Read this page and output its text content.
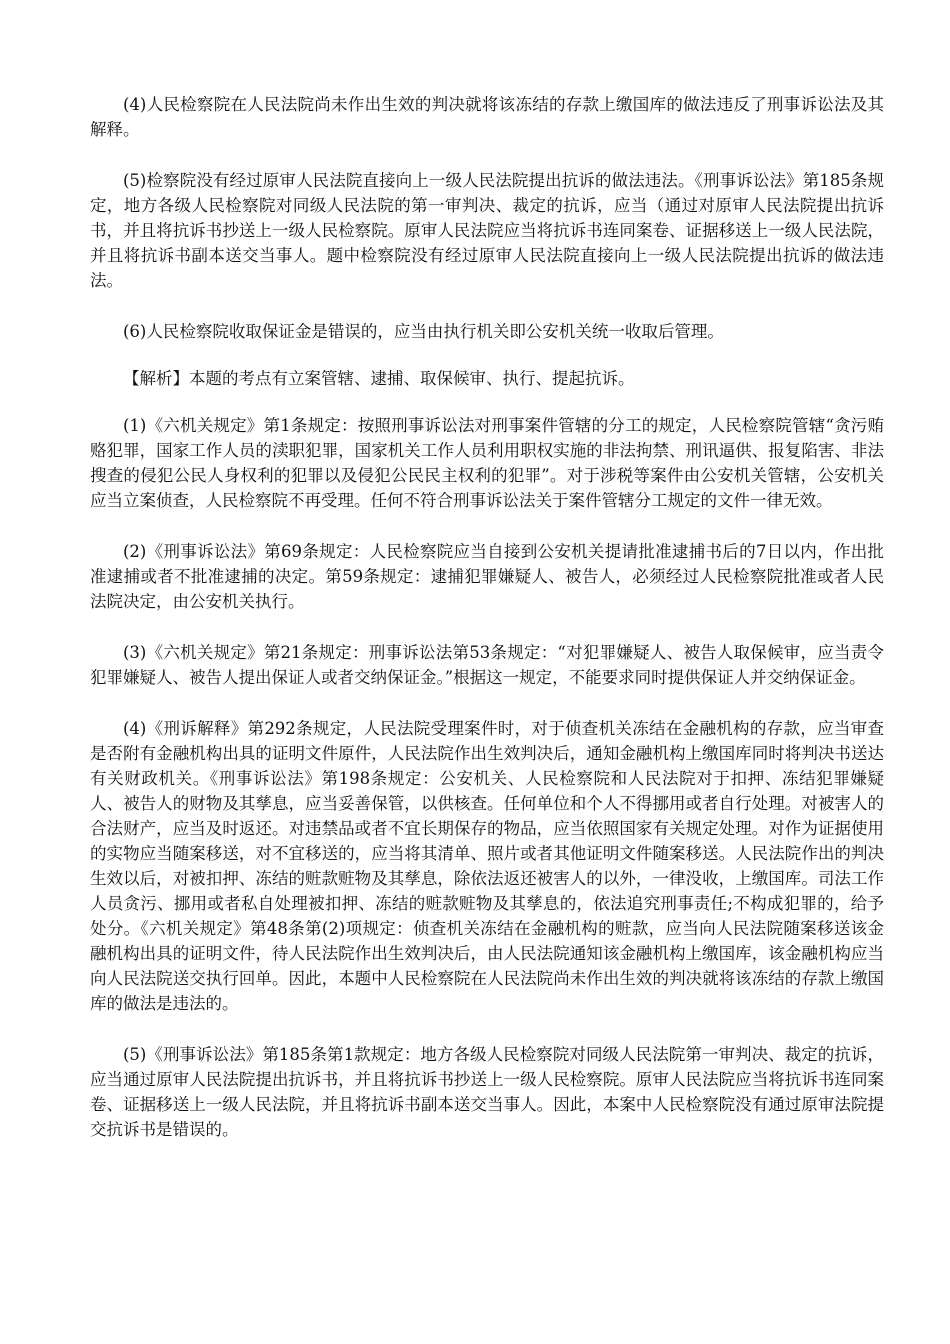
(4)人民检察院在人民法院尚未作出生效的判决就将该冻结的存款上缴国库的做法违反了刑事诉讼法及其解释。

(5)检察院没有经过原审人民法院直接向上一级人民法院提出抗诉的做法违法。《刑事诉讼法》第185条规定，地方各级人民检察院对同级人民法院的第一审判决、裁定的抗诉，应当（通过对原审人民法院提出抗诉书，并且将抗诉书抄送上一级人民检察院。原审人民法院应当将抗诉书连同案卷、证据移送上一级人民法院，并且将抗诉书副本送交当事人。题中检察院没有经过原审人民法院直接向上一级人民法院提出抗诉的做法违法。

(6)人民检察院收取保证金是错误的，应当由执行机关即公安机关统一收取后管理。

【解析】本题的考点有立案管辖、逮捕、取保候审、执行、提起抗诉。

(1)《六机关规定》第1条规定：按照刑事诉讼法对刑事案件管辖的分工的规定，人民检察院管辖“贪污贿赂犯罪，国家工作人员的渎职犯罪，国家机关工作人员利用职权实施的非法拘禁、刑讯逼供、报复陷害、非法搜查的侵犯公民人身权利的犯罪以及侵犯公民民主权利的犯罪”。对于涉税等案件由公安机关管辖，公安机关应当立案侦查，人民检察院不再受理。任何不符合刑事诉讼法关于案件管辖分工规定的文件一律无效。

(2)《刑事诉讼法》第69条规定：人民检察院应当自接到公安机关提请批准逮捕书后的7日以内，作出批准逮捕或者不批准逮捕的决定。第59条规定：逮捕犯罪嫌疑人、被告人，必须经过人民检察院批准或者人民法院决定，由公安机关执行。

(3)《六机关规定》第21条规定：刑事诉讼法第53条规定：“对犯罪嫌疑人、被告人取保候审，应当责令犯罪嫌疑人、被告人提出保证人或者交纳保证金。”根据这一规定，不能要求同时提供保证人并交纳保证金。

(4)《刑诉解释》第292条规定，人民法院受理案件时，对于侦查机关冻结在金融机构的存款，应当审查是否附有金融机构出具的证明文件原件，人民法院作出生效判决后，通知金融机构上缴国库同时将判决书送达有关财政机关。《刑事诉讼法》第198条规定：公安机关、人民检察院和人民法院对于扣押、冻结犯罪嫌疑人、被告人的财物及其孳息，应当妥善保管，以供核查。任何单位和个人不得挪用或者自行处理。对被害人的合法财产，应当及时返还。对违禁品或者不宜长期保存的物品，应当依照国家有关规定处理。对作为证据使用的实物应当随案移送，对不宜移送的，应当将其清单、照片或者其他证明文件随案移送。人民法院作出的判决生效以后，对被扣押、冻结的赃款赃物及其孳息，除依法返还被害人的以外，一律没收，上缴国库。司法工作人员贪污、挪用或者私自处理被扣押、冻结的赃款赃物及其孳息的，依法追究刑事责任;不构成犯罪的，给予处分。《六机关规定》第48条第(2)项规定：侦查机关冻结在金融机构的赃款，应当向人民法院随案移送该金融机构出具的证明文件，待人民法院作出生效判决后，由人民法院通知该金融机构上缴国库，该金融机构应当向人民法院送交执行回单。因此，本题中人民检察院在人民法院尚未作出生效的判决就将该冻结的存款上缴国库的做法是违法的。

(5)《刑事诉讼法》第185条第1款规定：地方各级人民检察院对同级人民法院第一审判决、裁定的抗诉，应当通过原审人民法院提出抗诉书，并且将抗诉书抄送上一级人民检察院。原审人民法院应当将抗诉书连同案卷、证据移送上一级人民法院，并且将抗诉书副本送交当事人。因此，本案中人民检察院没有通过原审法院提交抗诉书是错误的。
